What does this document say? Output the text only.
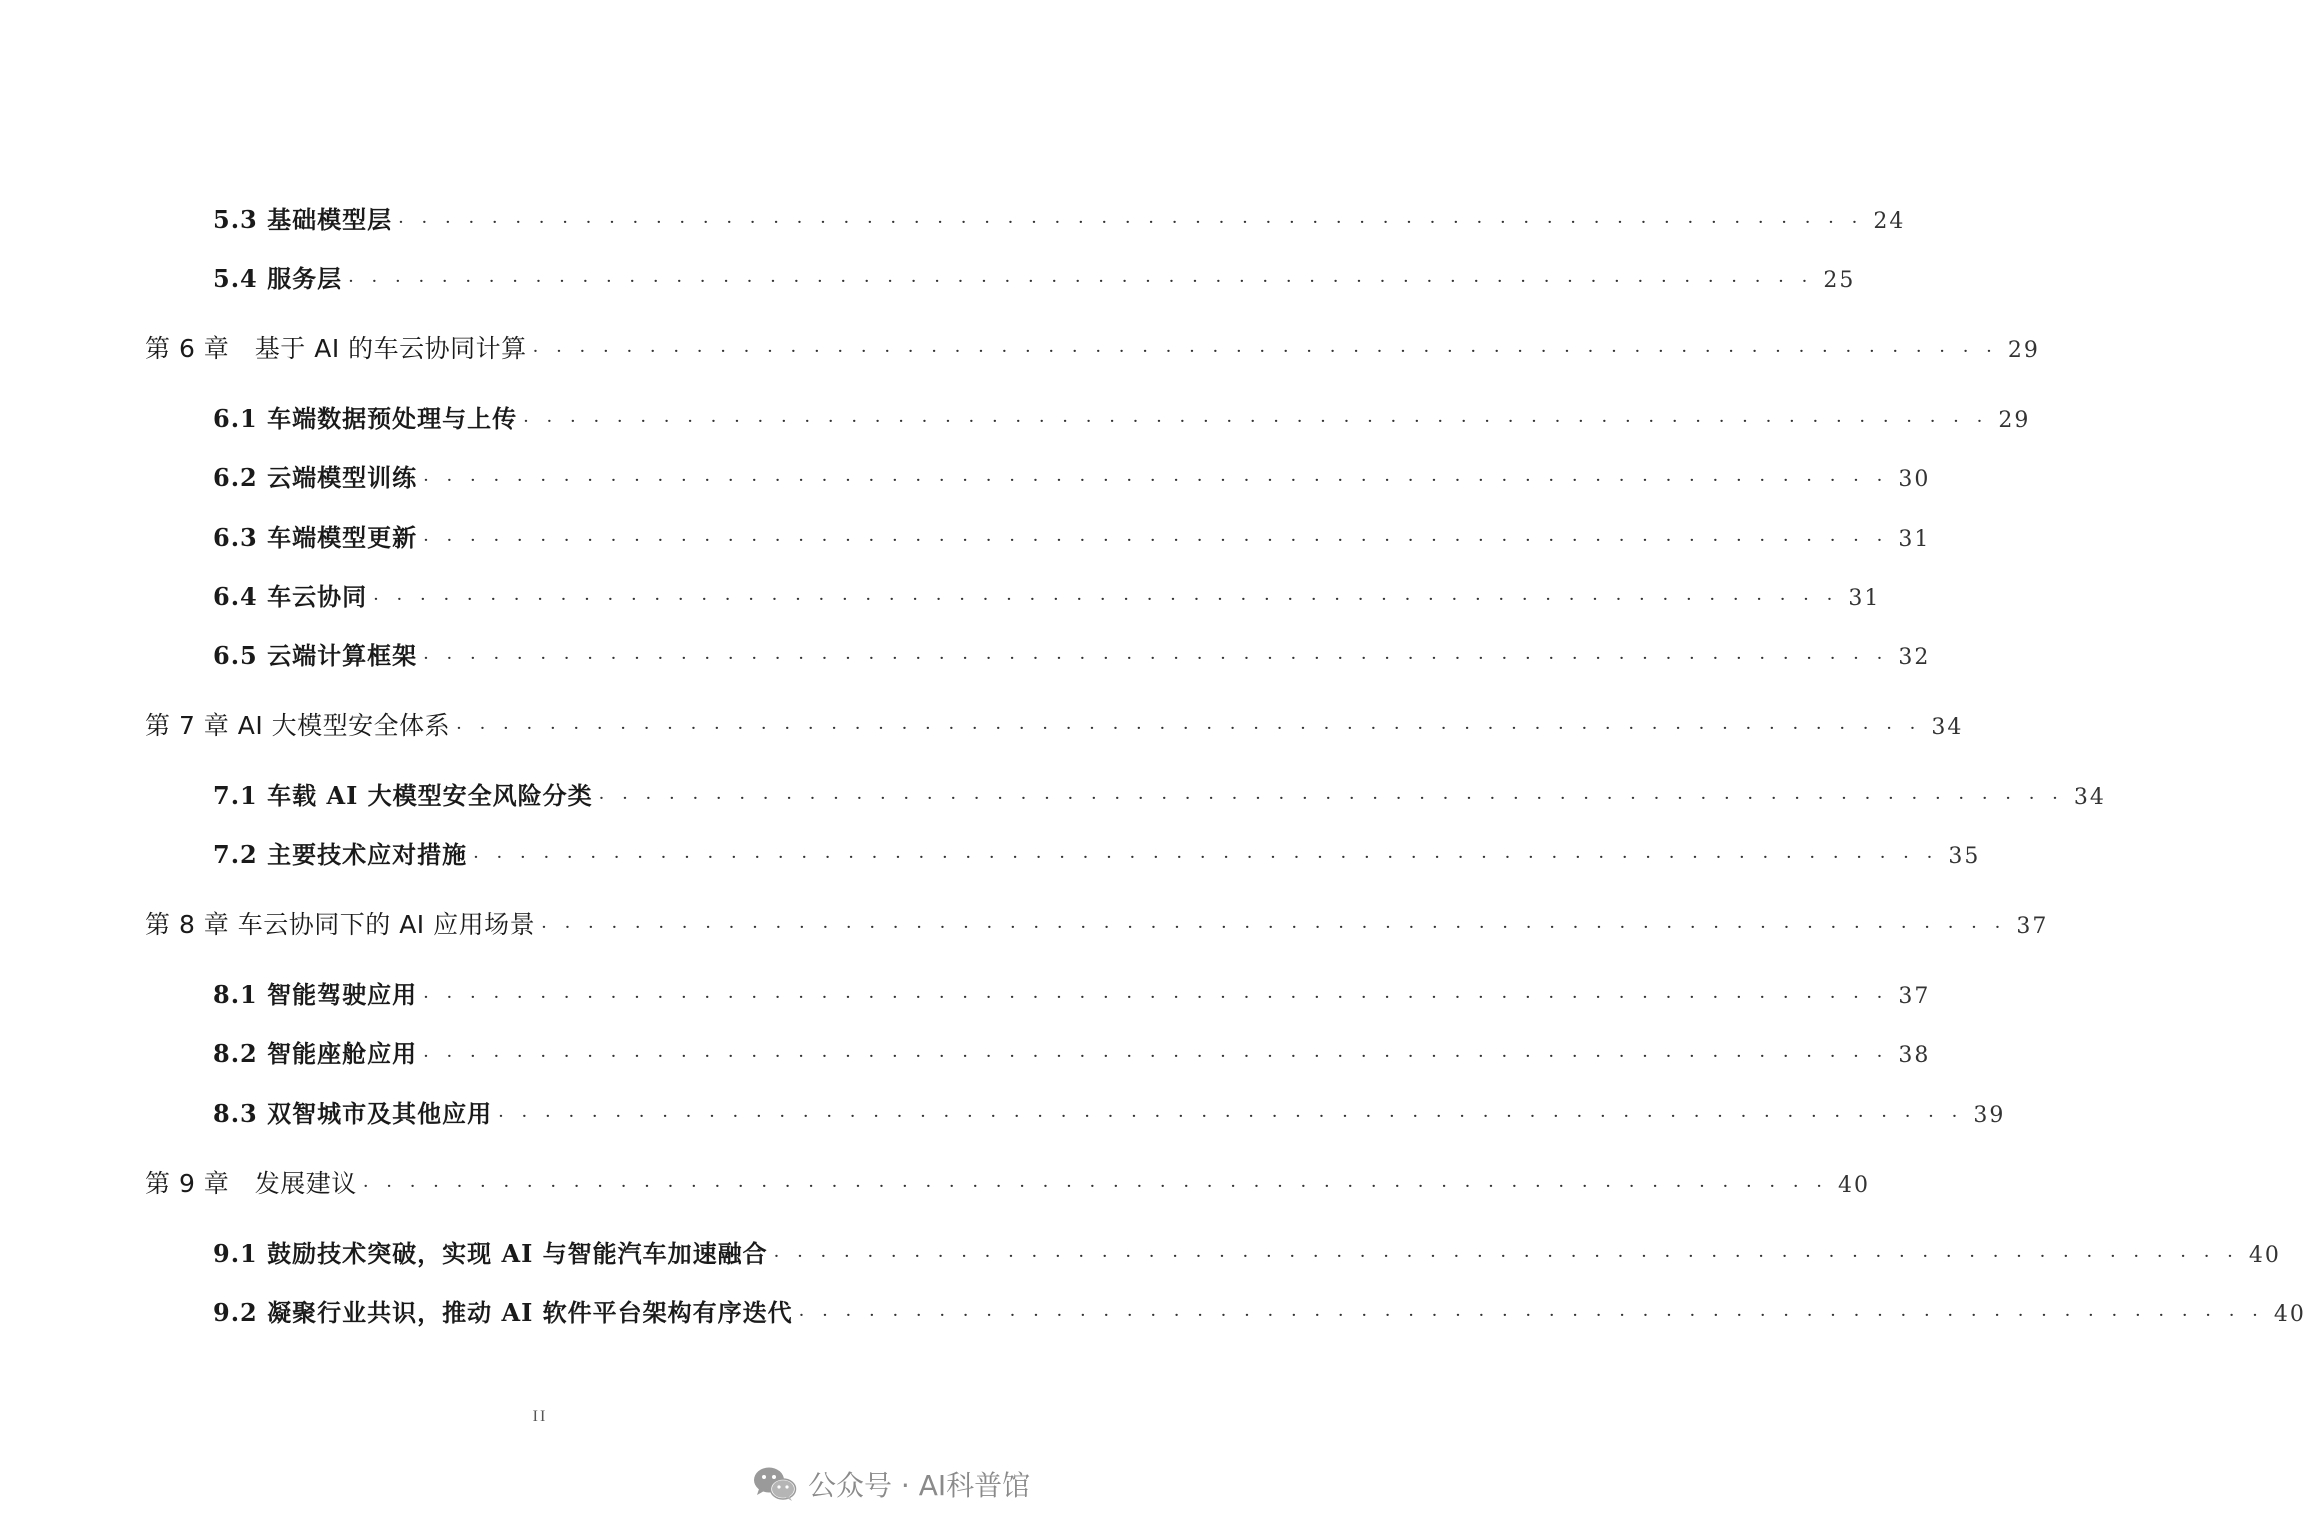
5.3 基础模型层 · · · · · · · · · · · · · · · · · · · · · · · · · · · · · · · · · · · · · · · · · · · · · · · · · · · · · · · · · · · · · · · 24
5.4 服务层 · · · · · · · · · · · · · · · · · · · · · · · · · · · · · · · · · · · · · · · · · · · · · · · · · · · · · · · · · · · · · · · 25
第 6 章　基于 AI 的车云协同计算 · · · · · · · · · · · · · · · · · · · · · · · · · · · · · · · · · · · · · · · · · · · · · · · · · · · · · · · · · · · · · · · 29
6.1 车端数据预处理与上传 · · · · · · · · · · · · · · · · · · · · · · · · · · · · · · · · · · · · · · · · · · · · · · · · · · · · · · · · · · · · · · · 29
6.2 云端模型训练 · · · · · · · · · · · · · · · · · · · · · · · · · · · · · · · · · · · · · · · · · · · · · · · · · · · · · · · · · · · · · · · 30
6.3 车端模型更新 · · · · · · · · · · · · · · · · · · · · · · · · · · · · · · · · · · · · · · · · · · · · · · · · · · · · · · · · · · · · · · · 31
6.4 车云协同 · · · · · · · · · · · · · · · · · · · · · · · · · · · · · · · · · · · · · · · · · · · · · · · · · · · · · · · · · · · · · · · 31
6.5 云端计算框架 · · · · · · · · · · · · · · · · · · · · · · · · · · · · · · · · · · · · · · · · · · · · · · · · · · · · · · · · · · · · · · · 32
第 7 章 AI 大模型安全体系 · · · · · · · · · · · · · · · · · · · · · · · · · · · · · · · · · · · · · · · · · · · · · · · · · · · · · · · · · · · · · · · 34
7.1 车载 AI 大模型安全风险分类 · · · · · · · · · · · · · · · · · · · · · · · · · · · · · · · · · · · · · · · · · · · · · · · · · · · · · · · · · · · · · · · 34
7.2 主要技术应对措施 · · · · · · · · · · · · · · · · · · · · · · · · · · · · · · · · · · · · · · · · · · · · · · · · · · · · · · · · · · · · · · · 35
第 8 章 车云协同下的 AI 应用场景 · · · · · · · · · · · · · · · · · · · · · · · · · · · · · · · · · · · · · · · · · · · · · · · · · · · · · · · · · · · · · · · 37
8.1 智能驾驶应用 · · · · · · · · · · · · · · · · · · · · · · · · · · · · · · · · · · · · · · · · · · · · · · · · · · · · · · · · · · · · · · · 37
8.2 智能座舱应用 · · · · · · · · · · · · · · · · · · · · · · · · · · · · · · · · · · · · · · · · · · · · · · · · · · · · · · · · · · · · · · · 38
8.3 双智城市及其他应用 · · · · · · · · · · · · · · · · · · · · · · · · · · · · · · · · · · · · · · · · · · · · · · · · · · · · · · · · · · · · · · · 39
第 9 章　发展建议 · · · · · · · · · · · · · · · · · · · · · · · · · · · · · · · · · · · · · · · · · · · · · · · · · · · · · · · · · · · · · · · 40
9.1 鼓励技术突破，实现 AI 与智能汽车加速融合 · · · · · · · · · · · · · · · · · · · · · · · · · · · · · · · · · · · · · · · · · · · · · · · · · · · · · · · · · · · · · · · 40
9.2 凝聚行业共识，推动 AI 软件平台架构有序迭代 · · · · · · · · · · · · · · · · · · · · · · · · · · · · · · · · · · · · · · · · · · · · · · · · · · · · · · · · · · · · · · · 40
II
公众号 · AI科普馆
